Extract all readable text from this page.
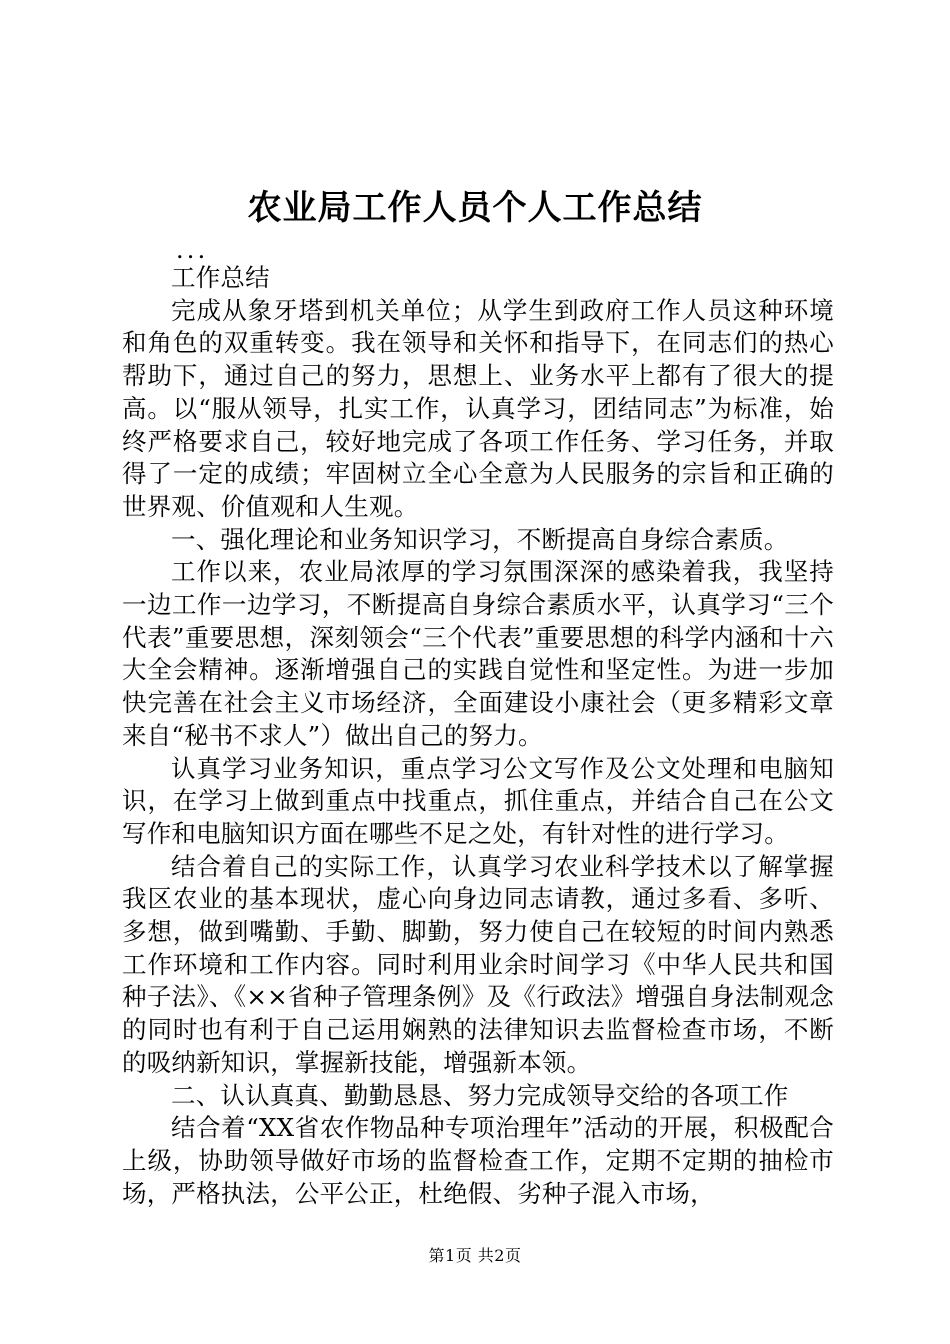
农业局工作人员个人工作总结

...

工作总结

完成从象牙塔到机关单位；从学生到政府工作人员这种环境和角色的双重转变。我在领导和关怀和指导下，在同志们的热心帮助下，通过自己的努力，思想上、业务水平上都有了很大的提高。以“服从领导，扎实工作，认真学习，团结同志”为标准，始终严格要求自己，较好地完成了各项工作任务、学习任务，并取得了一定的成绩；牢固树立全心全意为人民服务的宗旨和正确的世界观、价值观和人生观。

一、强化理论和业务知识学习，不断提高自身综合素质。

工作以来，农业局浓厚的学习氛围深深的感染着我，我坚持一边工作一边学习，不断提高自身综合素质水平，认真学习“三个代表”重要思想，深刻领会“三个代表”重要思想的科学内涵和十六大全会精神。逐渐增强自己的实践自觉性和坚定性。为进一步加快完善在社会主义市场经济，全面建设小康社会（更多精彩文章来自“秘书不求人”）做出自己的努力。

认真学习业务知识，重点学习公文写作及公文处理和电脑知识，在学习上做到重点中找重点，抓住重点，并结合自己在公文写作和电脑知识方面在哪些不足之处，有针对性的进行学习。

结合着自己的实际工作，认真学习农业科学技术以了解掌握我区农业的基本现状，虚心向身边同志请教，通过多看、多听、多想，做到嘴勤、手勤、脚勤，努力使自己在较短的时间内熟悉工作环境和工作内容。同时利用业余时间学习《中华人民共和国种子法》、《××省种子管理条例》及《行政法》增强自身法制观念的同时也有利于自己运用娴熟的法律知识去监督检查市场，不断的吸纳新知识，掌握新技能，增强新本领。

二、认认真真、勤勤恳恳、努力完成领导交给的各项工作

结合着“XX省农作物品种专项治理年”活动的开展，积极配合上级，协助领导做好市场的监督检查工作，定期不定期的抽检市场，严格执法，公平公正，杜绝假、劣种子混入市场，

第1页 共2页
